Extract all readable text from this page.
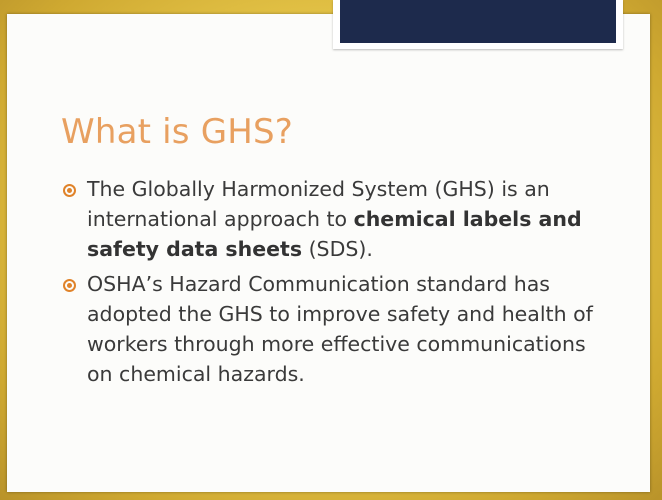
What is GHS?
The Globally Harmonized System (GHS) is an international approach to chemical labels and safety data sheets (SDS).
OSHA’s Hazard Communication standard has adopted the GHS to improve safety and health of workers through more effective communications on chemical hazards.
